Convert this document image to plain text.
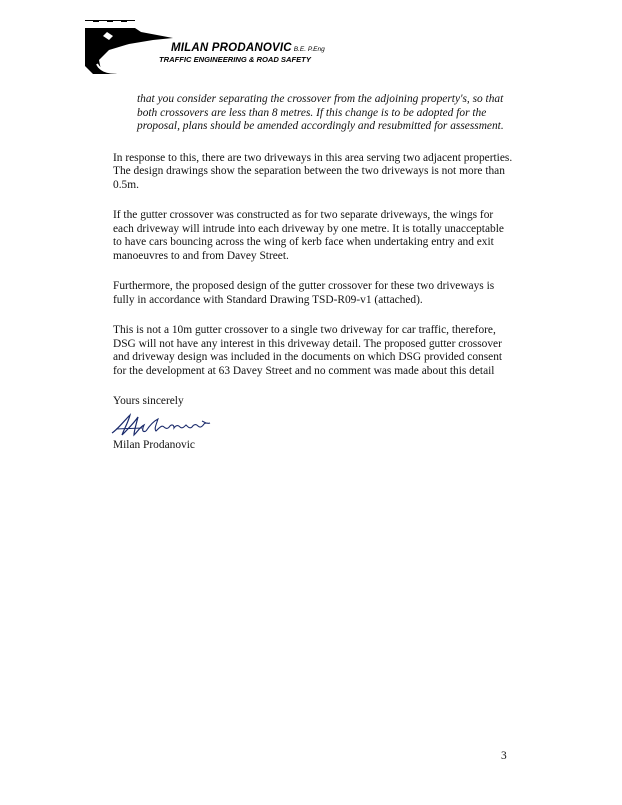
MILAN PRODANOVIC B.E. P.Eng
TRAFFIC ENGINEERING & ROAD SAFETY

that you consider separating the crossover from the adjoining property's, so that both crossovers are less than 8 metres. If this change is to be adopted for the proposal, plans should be amended accordingly and resubmitted for assessment.

In response to this, there are two driveways in this area serving two adjacent properties. The design drawings show the separation between the two driveways is not more than 0.5m.

If the gutter crossover was constructed as for two separate driveways, the wings for each driveway will intrude into each driveway by one metre. It is totally unacceptable to have cars bouncing across the wing of kerb face when undertaking entry and exit manoeuvres to and from Davey Street.

Furthermore, the proposed design of the gutter crossover for these two driveways is fully in accordance with Standard Drawing TSD-R09-v1 (attached).

This is not a 10m gutter crossover to a single two driveway for car traffic, therefore, DSG will not have any interest in this driveway detail. The proposed gutter crossover and driveway design was included in the documents on which DSG provided consent for the development at 63 Davey Street and no comment was made about this detail

Yours sincerely

Milan Prodanovic

3
